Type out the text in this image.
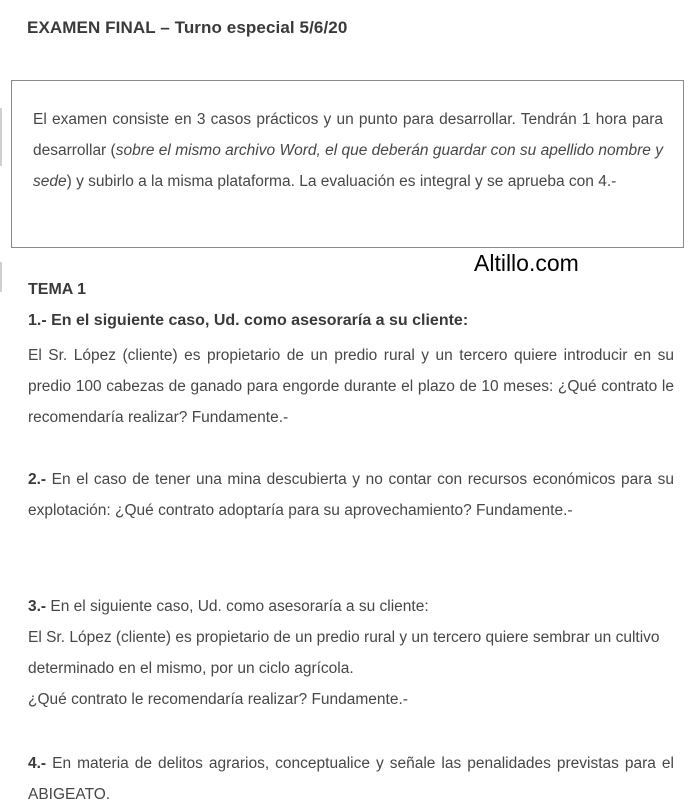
EXAMEN FINAL – Turno especial 5/6/20
El examen consiste en 3 casos prácticos y un punto para desarrollar. Tendrán 1 hora para desarrollar (sobre el mismo archivo Word, el que deberán guardar con su apellido nombre y sede) y subirlo a la misma plataforma. La evaluación es integral y se aprueba con 4.-
Altillo.com
TEMA 1
1.- En el siguiente caso, Ud. como asesoraría a su cliente:
El Sr. López (cliente) es propietario de un predio rural y un tercero quiere introducir en su predio 100 cabezas de ganado para engorde durante el plazo de 10 meses: ¿Qué contrato le recomendaría realizar? Fundamente.-
2.- En el caso de tener una mina descubierta y no contar con recursos económicos para su explotación: ¿Qué contrato adoptaría para su aprovechamiento? Fundamente.-
3.- En el siguiente caso, Ud. como asesoraría a su cliente:
El Sr. López (cliente) es propietario de un predio rural y un tercero quiere sembrar un cultivo determinado en el mismo, por un ciclo agrícola.
¿Qué contrato le recomendaría realizar? Fundamente.-
4.- En materia de delitos agrarios, conceptualice y señale las penalidades previstas para el ABIGEATO.
